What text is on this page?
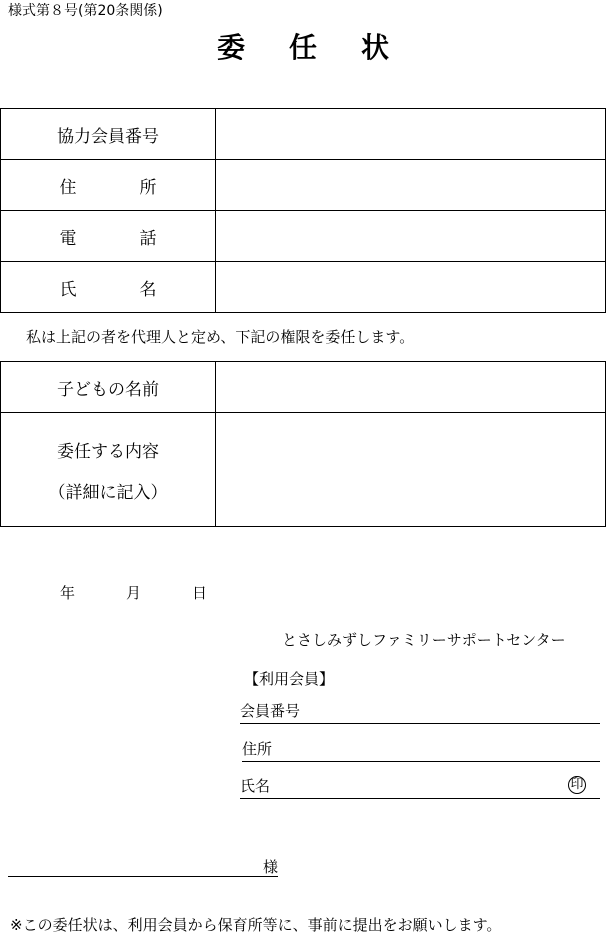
様式第８号(第20条関係)
委 任 状
協力会員番号	
住 所	
電 話	
氏 名	
私は上記の者を代理人と定め、下記の権限を委任します。
子どもの名前	
委任する内容
（詳細に記入）	

年	月	日
とさしみずしファミリーサポートセンター
【利用会員】
会員番号
住所
氏名	印
様
※この委任状は、利用会員から保育所等に、事前に提出をお願いします。
